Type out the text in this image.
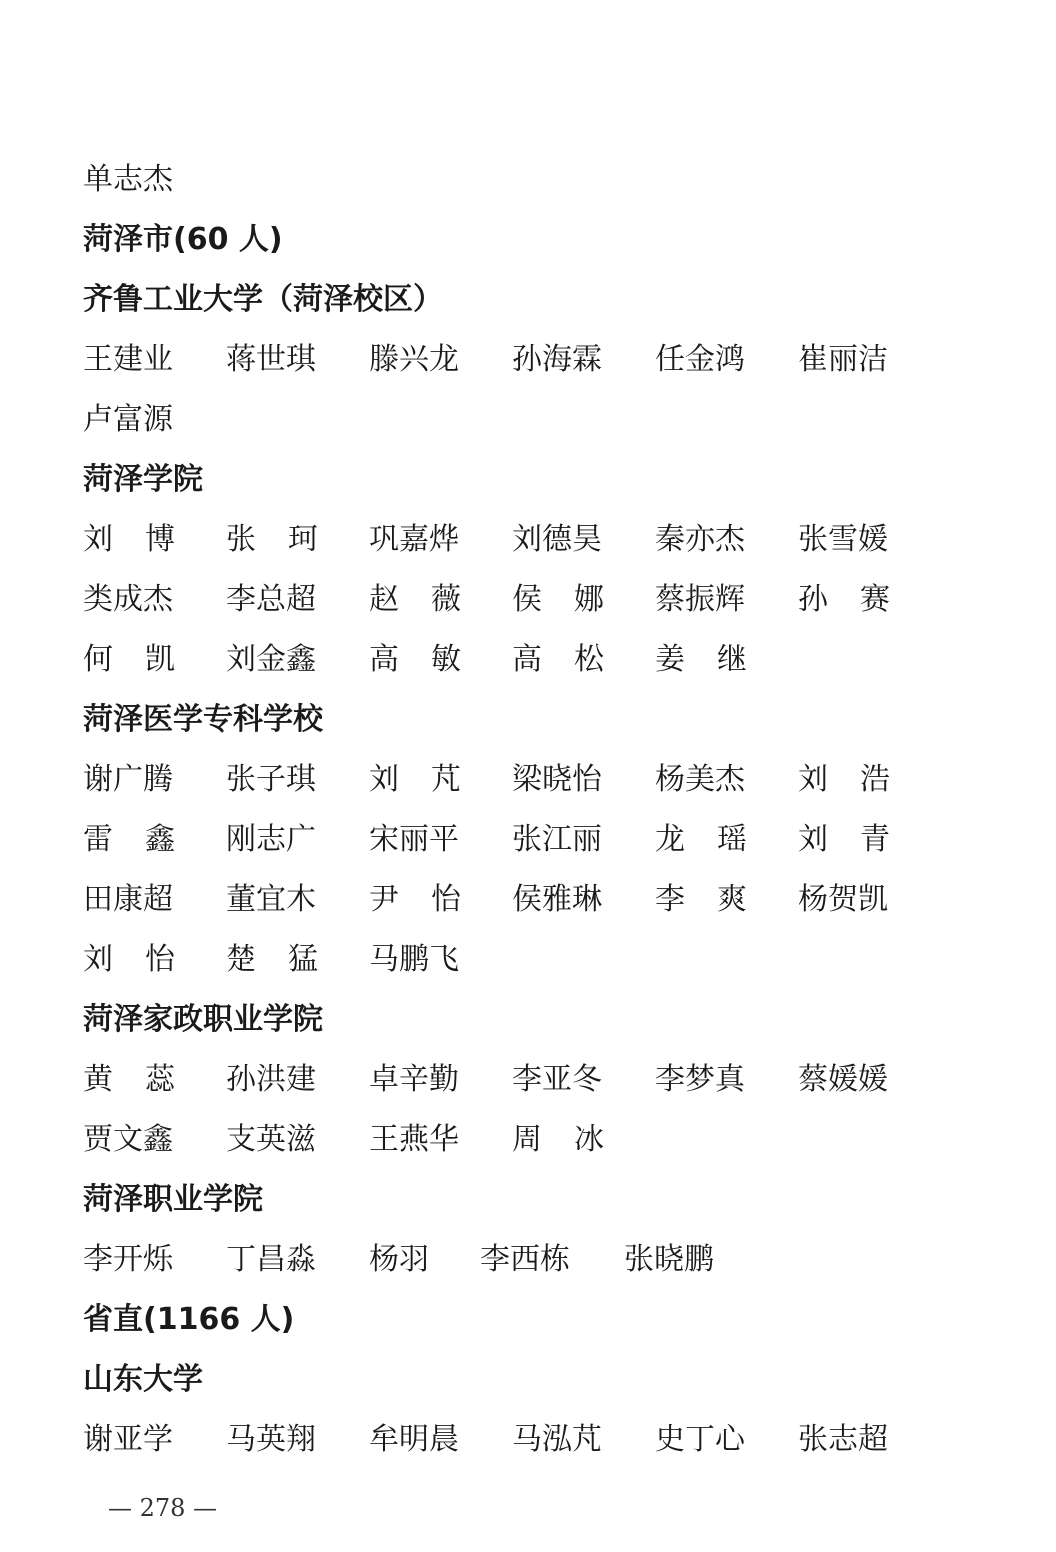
单志杰
菏泽市(60 人)
齐鲁工业大学（菏泽校区）
王建业 蒋世琪 滕兴龙 孙海霖 任金鸿 崔丽洁
卢富源
菏泽学院
刘 博 张 珂 巩嘉烨 刘德昊 秦亦杰 张雪媛
类成杰 李总超 赵 薇 侯 娜 蔡振辉 孙 赛
何 凯 刘金鑫 高 敏 高 松 姜 继
菏泽医学专科学校
谢广腾 张子琪 刘 芃 梁晓怡 杨美杰 刘 浩
雷 鑫 刚志广 宋丽平 张江丽 龙 瑶 刘 青
田康超 董宜木 尹 怡 侯雅琳 李 爽 杨贺凯
刘 怡 楚 猛 马鹏飞
菏泽家政职业学院
黄 蕊 孙洪建 卓辛勤 李亚冬 李梦真 蔡媛媛
贾文鑫 支英滋 王燕华 周 冰
菏泽职业学院
李开烁 丁昌淼 杨羽 李西栋 张晓鹏
省直(1166 人)
山东大学
谢亚学 马英翔 牟明晨 马泓芃 史丁心 张志超
— 278 —
